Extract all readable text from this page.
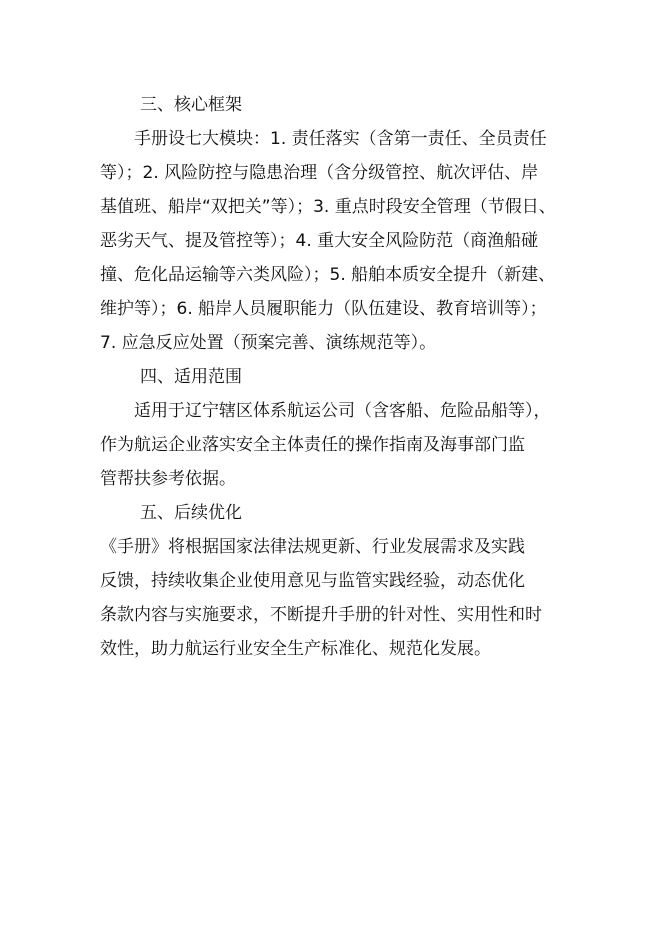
三、核心框架

手册设七大模块：1. 责任落实（含第一责任、全员责任
等）；2. 风险防控与隐患治理（含分级管控、航次评估、岸
基值班、船岸“双把关”等）；3. 重点时段安全管理（节假日、
恶劣天气、提及管控等）；4. 重大安全风险防范（商渔船碰
撞、危化品运输等六类风险）；5. 船舶本质安全提升（新建、
维护等）；6. 船岸人员履职能力（队伍建设、教育培训等）；
7. 应急反应处置（预案完善、演练规范等）。

四、适用范围

适用于辽宁辖区体系航运公司（含客船、危险品船等），
作为航运企业落实安全主体责任的操作指南及海事部门监
管帮扶参考依据。

五、后续优化

《手册》将根据国家法律法规更新、行业发展需求及实践
反馈，持续收集企业使用意见与监管实践经验，动态优化
条款内容与实施要求，不断提升手册的针对性、实用性和时
效性，助力航运行业安全生产标准化、规范化发展。
